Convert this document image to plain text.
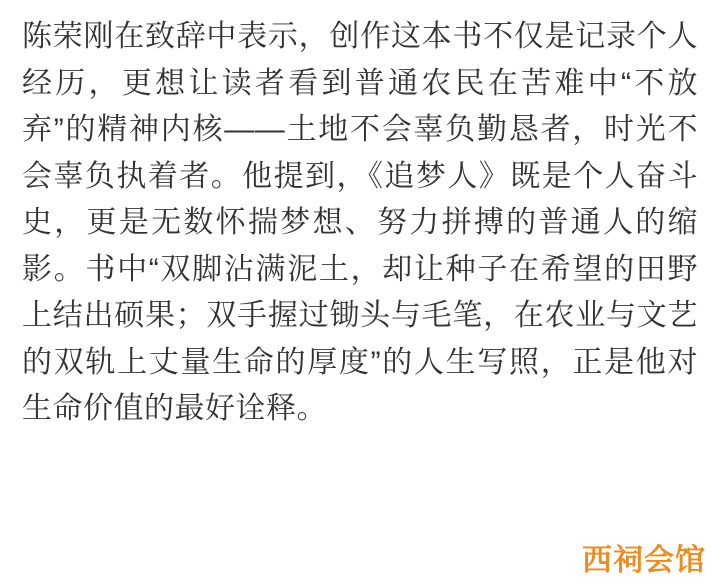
陈荣刚在致辞中表示，创作这本书不仅是记录个人经历，更想让读者看到普通农民在苦难中“不放弃”的精神内核——土地不会辜负勤恳者，时光不会辜负执着者。他提到，《追梦人》既是个人奋斗史，更是无数怀揣梦想、努力拼搏的普通人的缩影。书中“双脚沾满泥土，却让种子在希望的田野上结出硕果；双手握过锄头与毛笔，在农业与文艺的双轨上丈量生命的厚度”的人生写照，正是他对生命价值的最好诠释。
西祠会馆
